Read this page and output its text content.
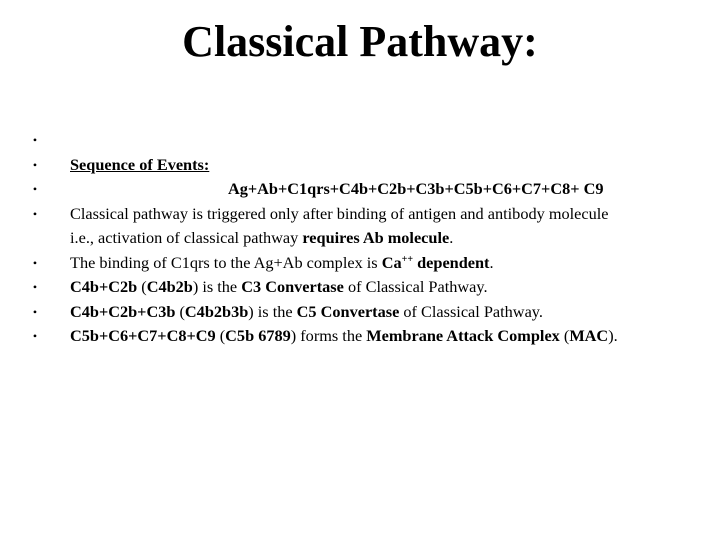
Classical Pathway:
•
• Sequence of Events:
•	Ag+Ab+C1qrs+C4b+C2b+C3b+C5b+C6+C7+C8+ C9
• Classical pathway is triggered only after binding of antigen and antibody molecule
i.e., activation of classical pathway requires Ab molecule.
• The binding of C1qrs to the Ag+Ab complex is Ca++ dependent.
• C4b+C2b (C4b2b) is the C3 Convertase of Classical Pathway.
• C4b+C2b+C3b (C4b2b3b) is the C5 Convertase of Classical Pathway.
• C5b+C6+C7+C8+C9 (C5b 6789) forms the Membrane Attack Complex (MAC).
